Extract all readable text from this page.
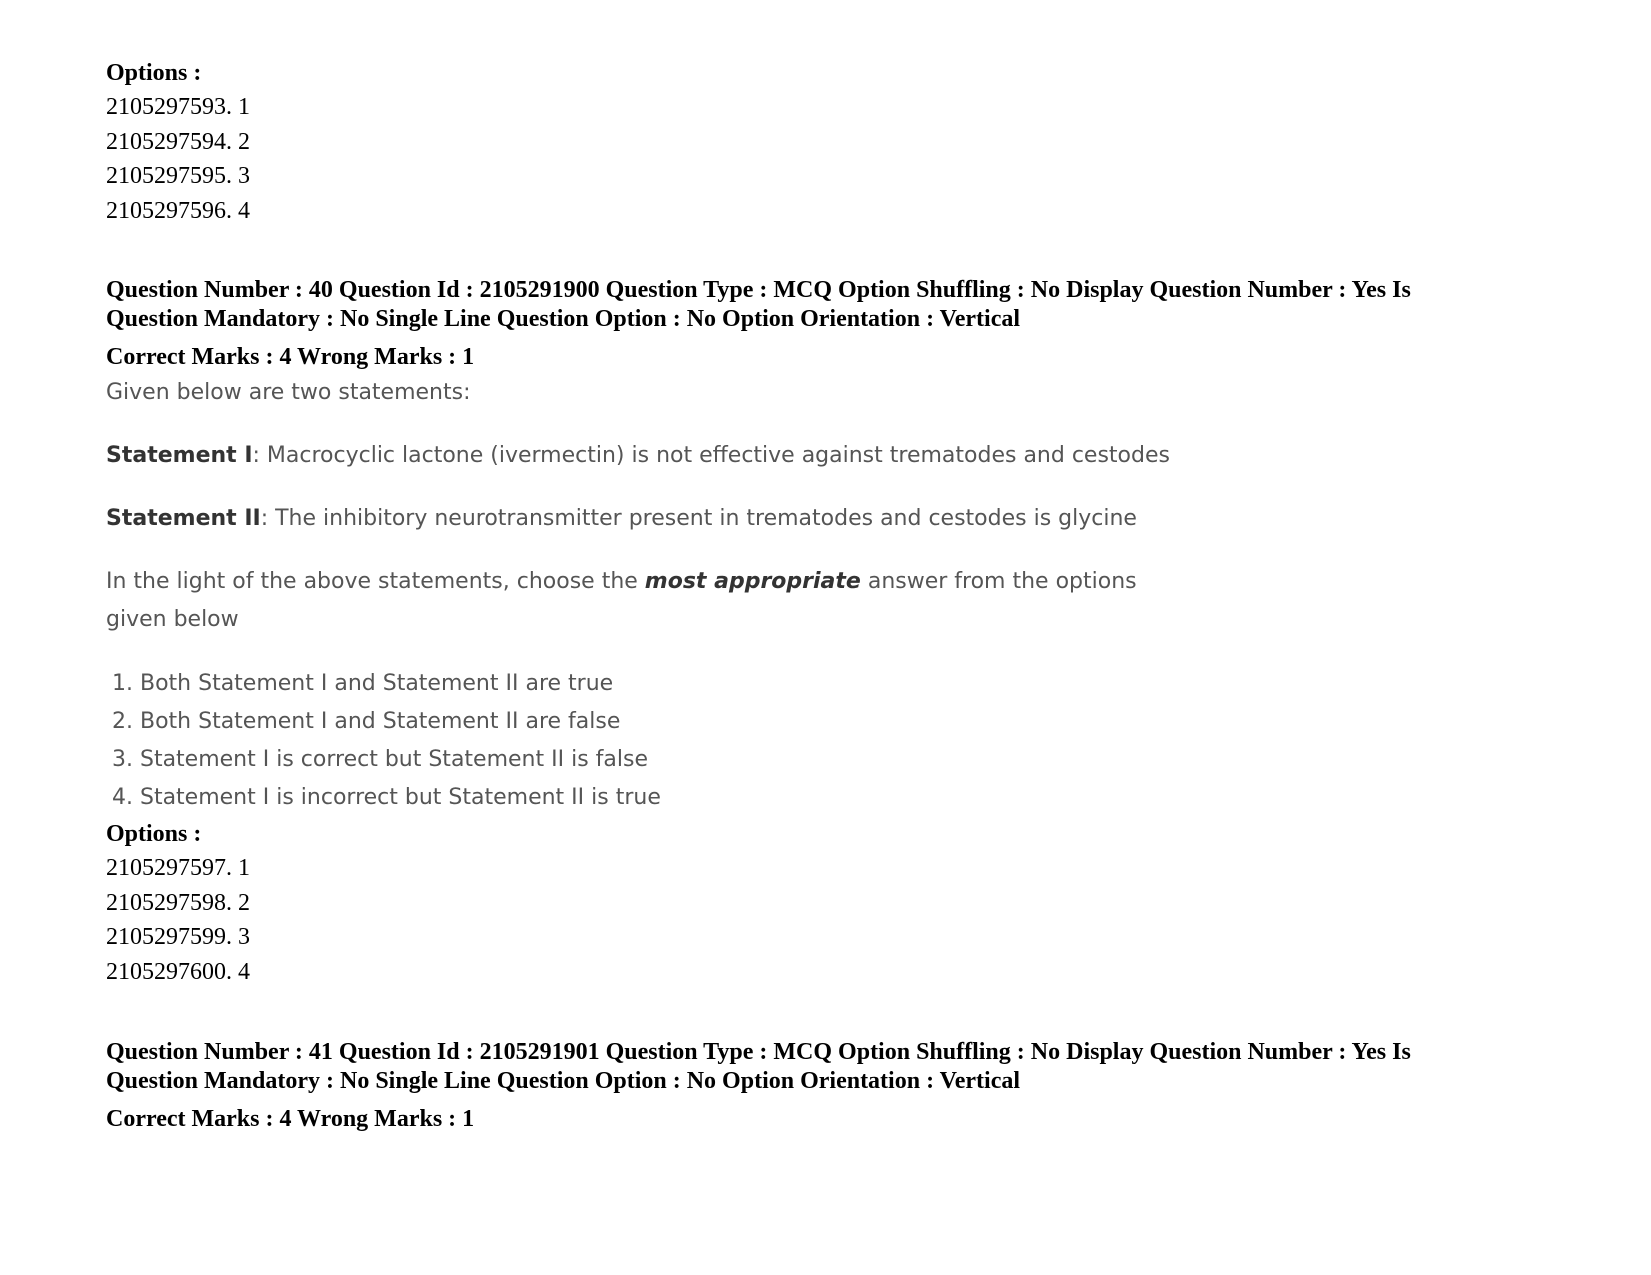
Options :
2105297593. 1
2105297594. 2
2105297595. 3
2105297596. 4
Question Number : 40 Question Id : 2105291900 Question Type : MCQ Option Shuffling : No Display Question Number : Yes Is
Question Mandatory : No Single Line Question Option : No Option Orientation : Vertical
Correct Marks : 4 Wrong Marks : 1
Given below are two statements:
Statement I: Macrocyclic lactone (ivermectin) is not effective against trematodes and cestodes
Statement II: The inhibitory neurotransmitter present in trematodes and cestodes is glycine
In the light of the above statements, choose the most appropriate answer from the options
given below
1. Both Statement I and Statement II are true
2. Both Statement I and Statement II are false
3. Statement I is correct but Statement II is false
4. Statement I is incorrect but Statement II is true
Options :
2105297597. 1
2105297598. 2
2105297599. 3
2105297600. 4
Question Number : 41 Question Id : 2105291901 Question Type : MCQ Option Shuffling : No Display Question Number : Yes Is
Question Mandatory : No Single Line Question Option : No Option Orientation : Vertical
Correct Marks : 4 Wrong Marks : 1
